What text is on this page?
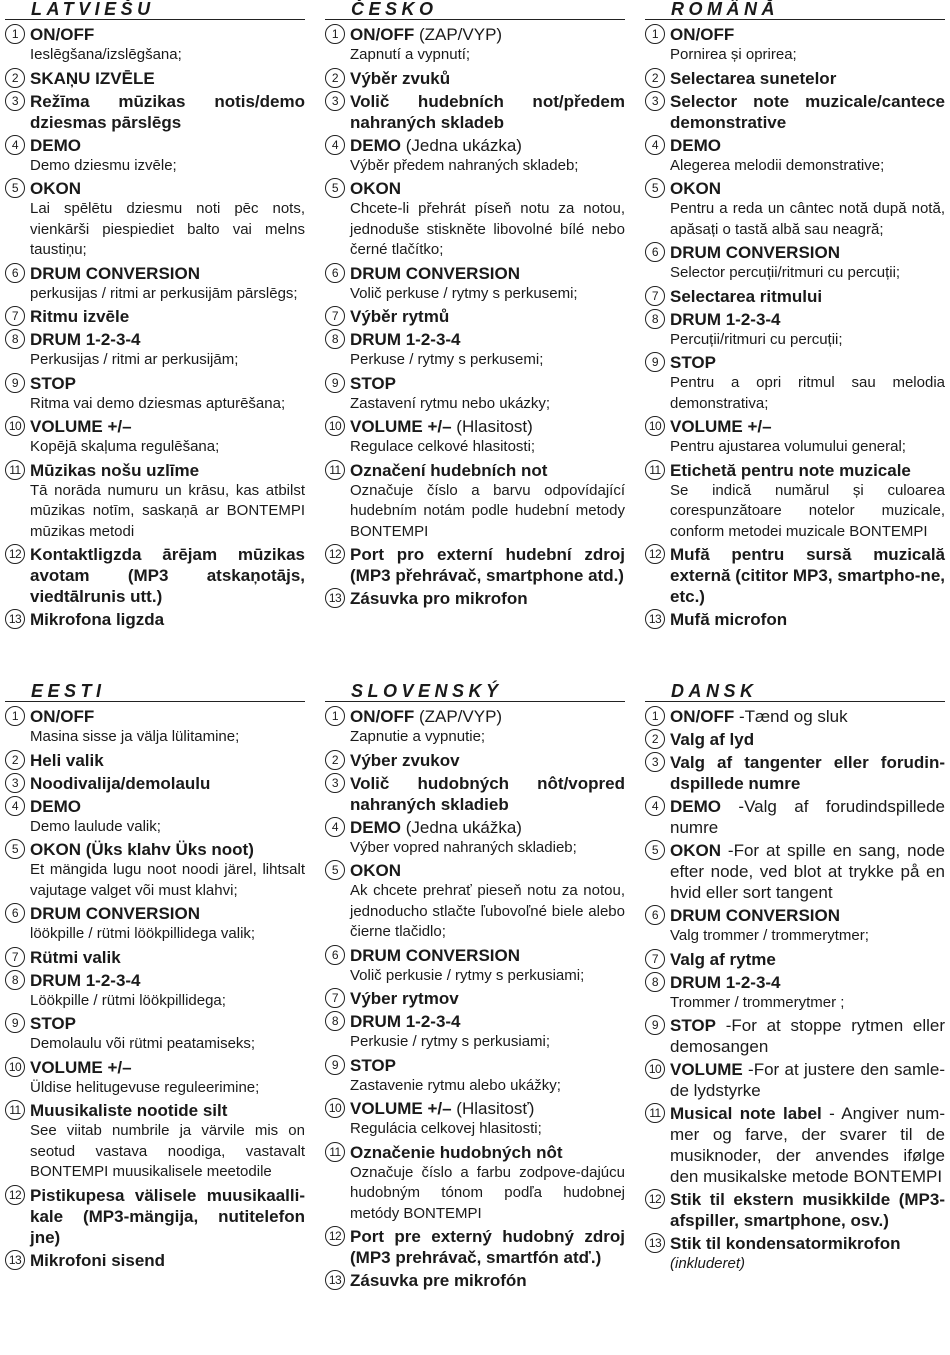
LATVIEŠU
1 ON/OFF
Ieslēgšana/izslēgšana;
2 SKAŅU IZVĒLE
3 Režīma mūzikas notis/demo dziesmas pārslēgs
4 DEMO
Demo dziesmu izvēle;
5 OKON
Lai spēlētu dziesmu noti pēc nots, vienkārši piespiediet balto vai melns taustiņu;
6 DRUM CONVERSION
perkusijas / ritmi ar perkusijām pārslēgs;
7 Ritmu izvēle
8 DRUM 1-2-3-4
Perkusijas / ritmi ar perkusijām;
9 STOP
Ritma vai demo dziesmas apturēšana;
10 VOLUME +/–
Kopējā skaļuma regulēšana;
11 Mūzikas nošu uzlīme
Tā norāda numuru un krāsu, kas atbilst mūzikas notīm, saskaņā ar BONTEMPI mūzikas metodi
12 Kontaktligzda ārējam mūzikas avotam (MP3 atskaņotājs, viedtālrunis utt.)
13 Mikrofona ligzda
ČESKO
1 ON/OFF (ZAP/VYP)
Zapnutí a vypnutí;
2 Výběr zvuků
3 Volič hudebních not/předem nahraných skladeb
4 DEMO (Jedna ukázka)
Výběr předem nahraných skladeb;
5 OKON
Chcete-li přehrát píseň notu za notou, jednoduše stiskněte libovolné bílé nebo černé tlačítko;
6 DRUM CONVERSION
Volič perkuse / rytmy s perkusemi;
7 Výběr rytmů
8 DRUM 1-2-3-4
Perkuse / rytmy s perkusemi;
9 STOP
Zastavení rytmu nebo ukázky;
10 VOLUME +/– (Hlasitost)
Regulace celkové hlasitosti;
11 Označení hudebních not
Označuje číslo a barvu odpovídající hudebním notám podle hudební metody BONTEMPI
12 Port pro externí hudební zdroj (MP3 přehrávač, smartphone atd.)
13 Zásuvka pro mikrofon
ROMÂNĂ
1 ON/OFF
Pornirea și oprirea;
2 Selectarea sunetelor
3 Selector note muzicale/cantece demonstrative
4 DEMO
Alegerea melodii demonstrative;
5 OKON
Pentru a reda un cântec notă după notă, apăsați o tastă albă sau neagră;
6 DRUM CONVERSION
Selector percuții/ritmuri cu percuții;
7 Selectarea ritmului
8 DRUM 1-2-3-4
Percuții/ritmuri cu percuții;
9 STOP
Pentru a opri ritmul sau melodia demonstrativa;
10 VOLUME +/–
Pentru ajustarea volumului general;
11 Etichetă pentru note muzicale
Se indică numărul și culoarea corespunzătoare notelor muzicale, conform metodei muzicale BONTEMPI
12 Mufă pentru sursă muzicală externă (cititor MP3, smartpho-ne, etc.)
13 Mufă microfon
EESTI
1 ON/OFF
Masina sisse ja välja lülitamine;
2 Heli valik
3 Noodivalija/demolaulu
4 DEMO
Demo laulude valik;
5 OKON (Üks klahv Üks noot)
Et mängida lugu noot noodi järel, lihtsalt vajutage valget või must klahvi;
6 DRUM CONVERSION
löökpille / rütmi löökpillidega valik;
7 Rütmi valik
8 DRUM 1-2-3-4
Löökpille / rütmi löökpillidega;
9 STOP
Demolaulu või rütmi peatamiseks;
10 VOLUME +/–
Üldise helitugevuse reguleerimine;
11 Muusikaliste nootide silt
See viitab numbrile ja värvile mis on seotud vastava noodiga, vastavalt BONTEMPI muusikalisele meetodile
12 Pistikupesa välisele muusikaalli-kale (MP3-mängija, nutitelefon jne)
13 Mikrofoni sisend
SLOVENSKÝ
1 ON/OFF (ZAP/VYP)
Zapnutie a vypnutie;
2 Výber zvukov
3 Volič hudobných nôt/vopred nahraných skladieb
4 DEMO (Jedna ukážka)
Výber vopred nahraných skladieb;
5 OKON
Ak chcete prehrať pieseň notu za notou, jednoducho stlačte ľubovoľné biele alebo čierne tlačidlo;
6 DRUM CONVERSION
Volič perkusie / rytmy s perkusiami;
7 Výber rytmov
8 DRUM 1-2-3-4
Perkusie / rytmy s perkusiami;
9 STOP
Zastavenie rytmu alebo ukážky;
10 VOLUME +/– (Hlasitosť)
Regulácia celkovej hlasitosti;
11 Označenie hudobných nôt
Označuje číslo a farbu zodpove-dajúcu hudobným tónom podľa hudobnej metódy BONTEMPI
12 Port pre externý hudobný zdroj (MP3 prehrávač, smartfón atď.)
13 Zásuvka pre mikrofón
DANSK
1 ON/OFF -Tænd og sluk
2 Valg af lyd
3 Valg af tangenter eller forudin-dspillede numre
4 DEMO -Valg af forudindspillede numre
5 OKON -For at spille en sang, node efter node, ved blot at trykke på en hvid eller sort tangent
6 DRUM CONVERSION
Valg trommer / trommerytmer;
7 Valg af rytme
8 DRUM 1-2-3-4
Trommer / trommerytmer ;
9 STOP -For at stoppe rytmen eller demosangen
10 VOLUME -For at justere den samle-de lydstyrke
11 Musical note label - Angiver num-mer og farve, der svarer til de musiknoder, der anvendes ifølge den musikalske metode BONTEMPI
12 Stik til ekstern musikkilde (MP3-afspiller, smartphone, osv.)
13 Stik til kondensatormikrofon
(inkluderet)
